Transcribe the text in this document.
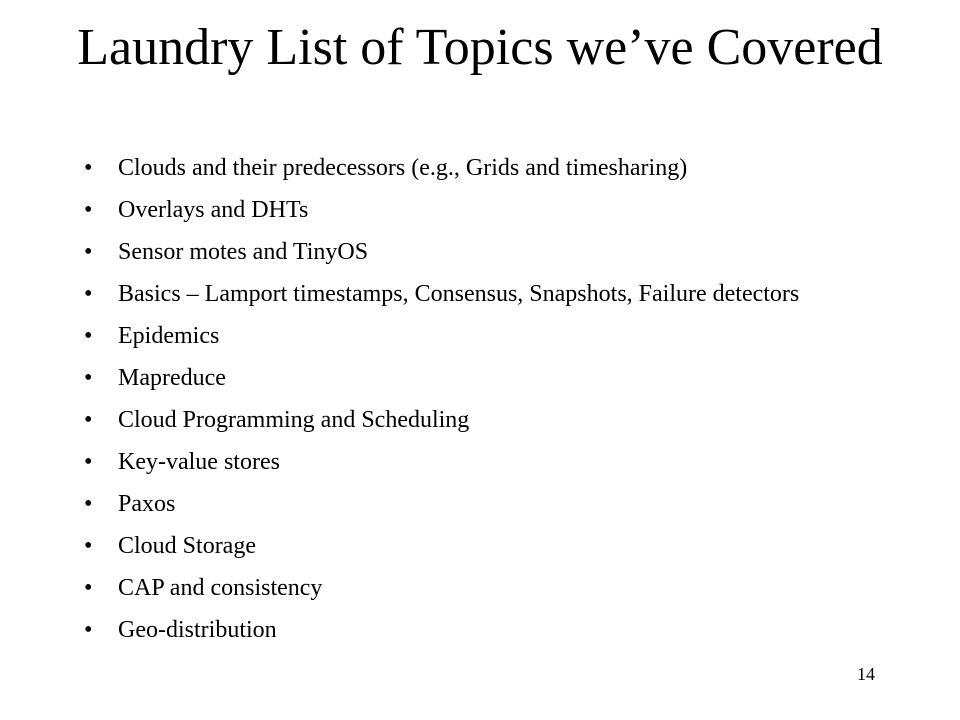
Laundry List of Topics we’ve Covered
•	Clouds and their predecessors (e.g., Grids and timesharing)
•	Overlays and DHTs
•	Sensor motes and TinyOS
•	Basics – Lamport timestamps, Consensus, Snapshots, Failure detectors
•	Epidemics
•	Mapreduce
•	Cloud Programming and Scheduling
•	Key-value stores
•	Paxos
•	Cloud Storage
•	CAP and consistency
•	Geo-distribution
14
